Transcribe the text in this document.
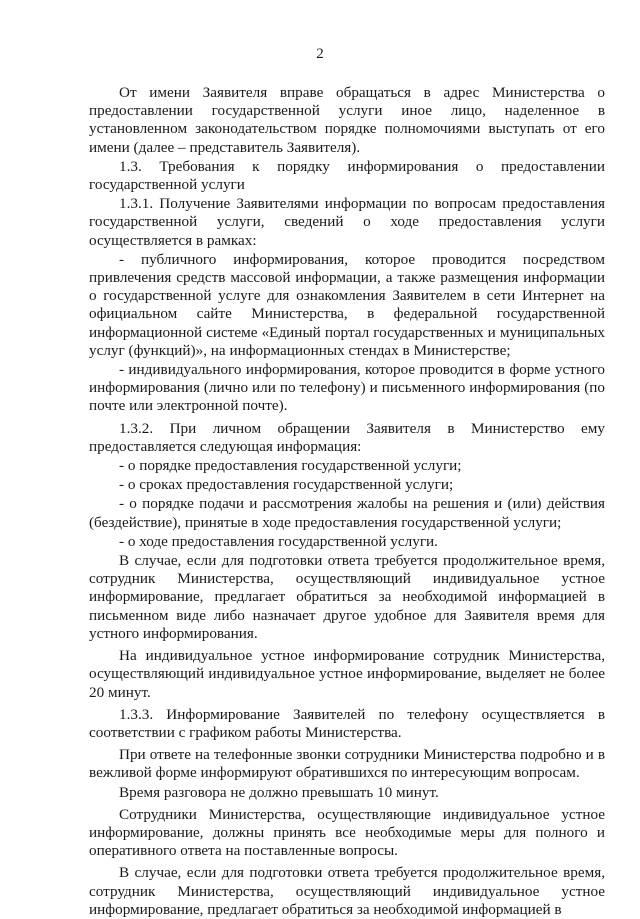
2

От имени Заявителя вправе обращаться в адрес Министерства о предоставлении государственной услуги иное лицо, наделенное в установленном законодательством порядке полномочиями выступать от его имени (далее – представитель Заявителя).

1.3. Требования к порядку информирования о предоставлении государственной услуги

1.3.1. Получение Заявителями информации по вопросам предоставления государственной услуги, сведений о ходе предоставления услуги осуществляется в рамках:

- публичного информирования, которое проводится посредством привлечения средств массовой информации, а также размещения информации о государственной услуге для ознакомления Заявителем в сети Интернет на официальном сайте Министерства, в федеральной государственной информационной системе «Единый портал государственных и муниципальных услуг (функций)», на информационных стендах в Министерстве;

- индивидуального информирования, которое проводится в форме устного информирования (лично или по телефону) и письменного информирования (по почте или электронной почте).

1.3.2. При личном обращении Заявителя в Министерство ему предоставляется следующая информация:

- о порядке предоставления государственной услуги;

- о сроках предоставления государственной услуги;

- о порядке подачи и рассмотрения жалобы на решения и (или) действия (бездействие), принятые в ходе предоставления государственной услуги;

- о ходе предоставления государственной услуги.

В случае, если для подготовки ответа требуется продолжительное время, сотрудник Министерства, осуществляющий индивидуальное устное информирование, предлагает обратиться за необходимой информацией в письменном виде либо назначает другое удобное для Заявителя время для устного информирования.

На индивидуальное устное информирование сотрудник Министерства, осуществляющий индивидуальное устное информирование, выделяет не более 20 минут.

1.3.3. Информирование Заявителей по телефону осуществляется в соответствии с графиком работы Министерства.

При ответе на телефонные звонки сотрудники Министерства подробно и в вежливой форме информируют обратившихся по интересующим вопросам.

Время разговора не должно превышать 10 минут.

Сотрудники Министерства, осуществляющие индивидуальное устное информирование, должны принять все необходимые меры для полного и оперативного ответа на поставленные вопросы.

В случае, если для подготовки ответа требуется продолжительное время, сотрудник Министерства, осуществляющий индивидуальное устное информирование, предлагает обратиться за необходимой информацией в
